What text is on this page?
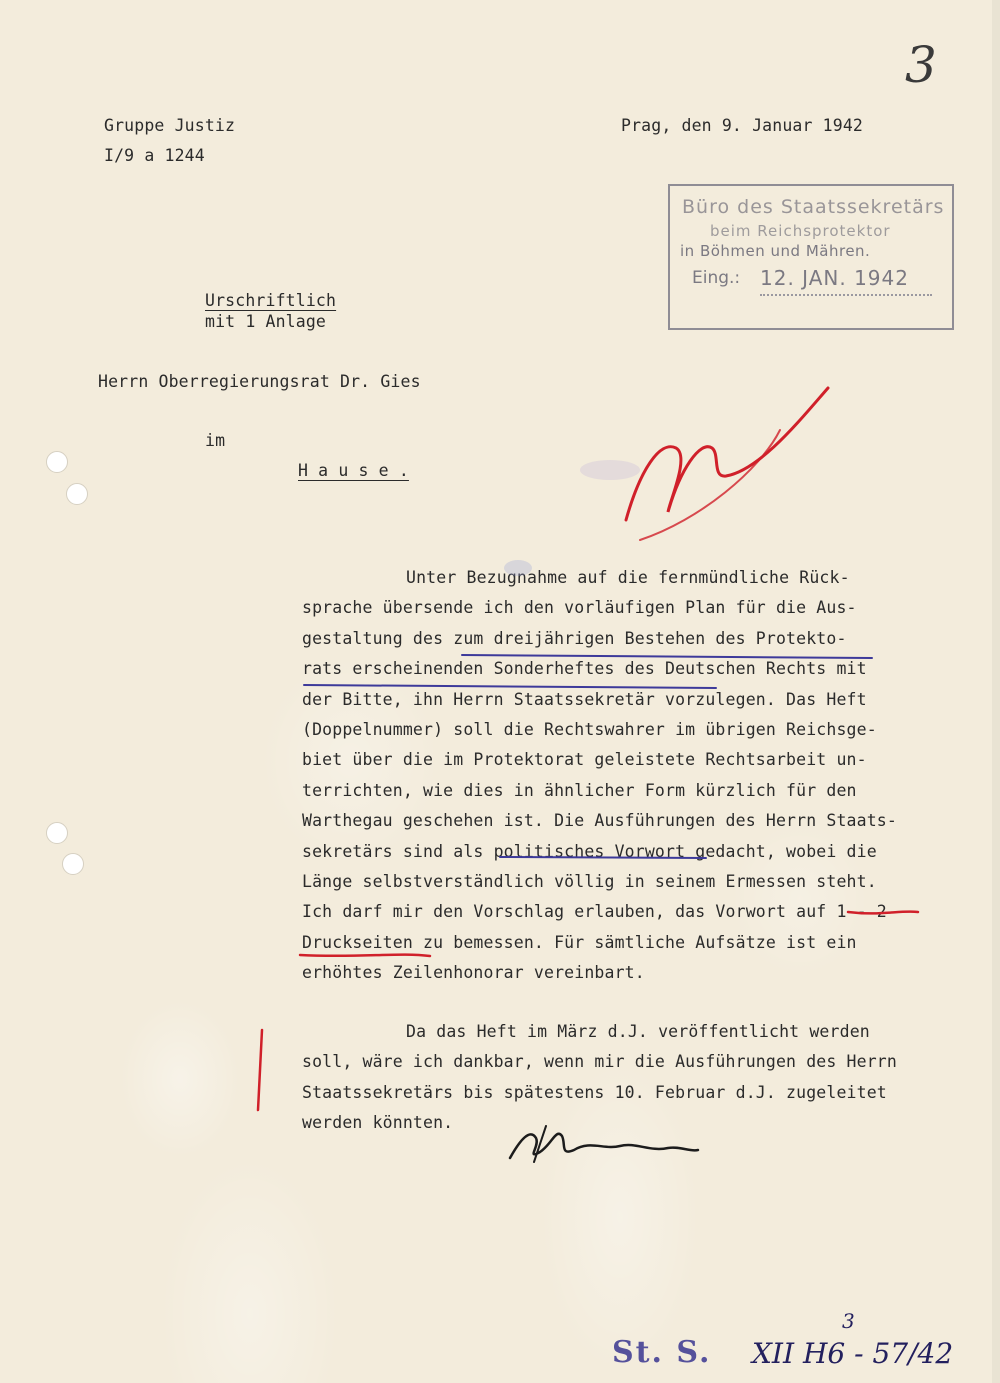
3
Gruppe Justiz
I/9 a 1244
Prag, den 9. Januar 1942
Büro des Staatssekretärs
beim Reichsprotektor
in Böhmen und Mähren.
Eing.: 12. JAN. 1942
Urschriftlich
mit 1 Anlage
Herrn Oberregierungsrat Dr. Gies
im
H a u s e .

Unter Bezugnahme auf die fernmündliche Rück-
sprache übersende ich den vorläufigen Plan für die Aus-
gestaltung des zum dreijährigen Bestehen des Protekto-
rats erscheinenden Sonderheftes des Deutschen Rechts mit
der Bitte, ihn Herrn Staatssekretär vorzulegen. Das Heft
(Doppelnummer) soll die Rechtswahrer im übrigen Reichsge-
biet über die im Protektorat geleistete Rechtsarbeit un-
terrichten, wie dies in ähnlicher Form kürzlich für den
Warthegau geschehen ist. Die Ausführungen des Herrn Staats-
sekretärs sind als politisches Vorwort gedacht, wobei die
Länge selbstverständlich völlig in seinem Ermessen steht.
Ich darf mir den Vorschlag erlauben, das Vorwort auf 1 - 2
Druckseiten zu bemessen. Für sämtliche Aufsätze ist ein
erhöhtes Zeilenhonorar vereinbart.

Da das Heft im März d.J. veröffentlicht werden
soll, wäre ich dankbar, wenn mir die Ausführungen des Herrn
Staatssekretärs bis spätestens 10. Februar d.J. zugeleitet
werden könnten.

St. S. XII H6 - 57/42
3
